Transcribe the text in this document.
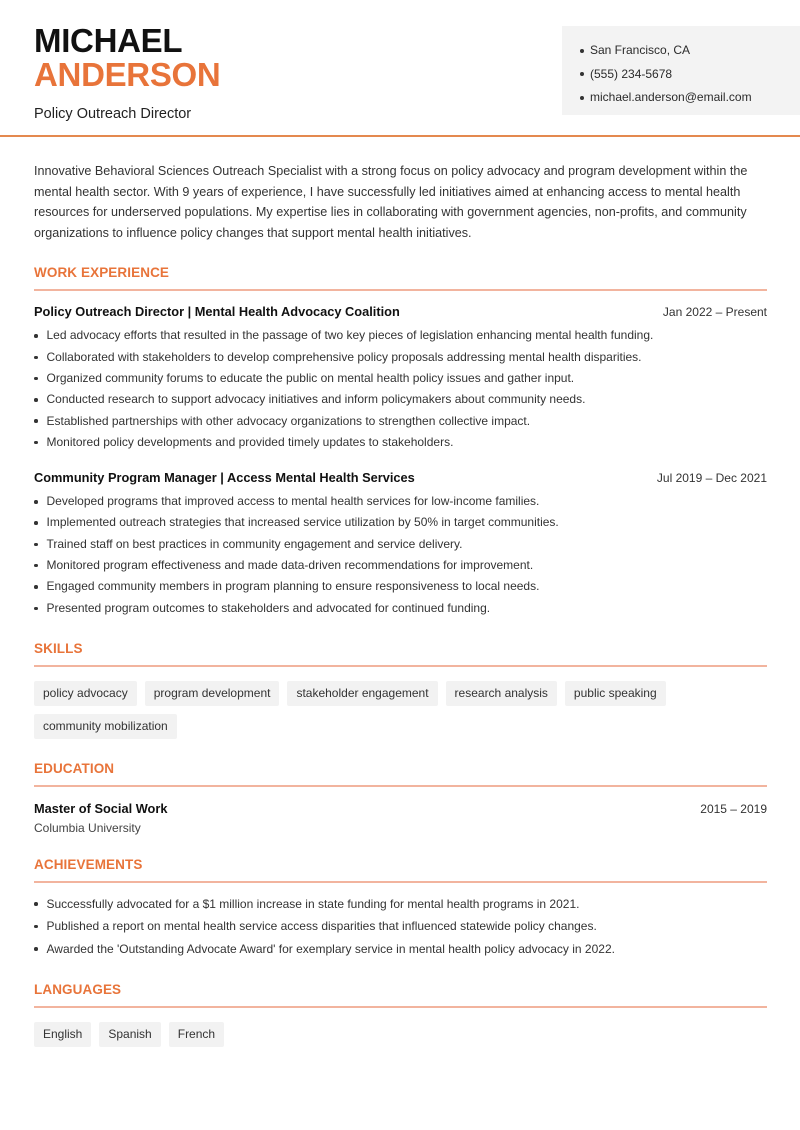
MICHAEL
ANDERSON
Policy Outreach Director
San Francisco, CA
(555) 234-5678
michael.anderson@email.com

Innovative Behavioral Sciences Outreach Specialist with a strong focus on policy advocacy and program development within the mental health sector. With 9 years of experience, I have successfully led initiatives aimed at enhancing access to mental health resources for underserved populations. My expertise lies in collaborating with government agencies, non-profits, and community organizations to influence policy changes that support mental health initiatives.

WORK EXPERIENCE
Policy Outreach Director | Mental Health Advocacy Coalition	Jan 2022 – Present
Led advocacy efforts that resulted in the passage of two key pieces of legislation enhancing mental health funding.
Collaborated with stakeholders to develop comprehensive policy proposals addressing mental health disparities.
Organized community forums to educate the public on mental health policy issues and gather input.
Conducted research to support advocacy initiatives and inform policymakers about community needs.
Established partnerships with other advocacy organizations to strengthen collective impact.
Monitored policy developments and provided timely updates to stakeholders.
Community Program Manager | Access Mental Health Services	Jul 2019 – Dec 2021
Developed programs that improved access to mental health services for low-income families.
Implemented outreach strategies that increased service utilization by 50% in target communities.
Trained staff on best practices in community engagement and service delivery.
Monitored program effectiveness and made data-driven recommendations for improvement.
Engaged community members in program planning to ensure responsiveness to local needs.
Presented program outcomes to stakeholders and advocated for continued funding.
SKILLS
policy advocacy	program development	stakeholder engagement	research analysis	public speaking
community mobilization
EDUCATION
Master of Social Work	2015 – 2019
Columbia University
ACHIEVEMENTS
Successfully advocated for a $1 million increase in state funding for mental health programs in 2021.
Published a report on mental health service access disparities that influenced statewide policy changes.
Awarded the 'Outstanding Advocate Award' for exemplary service in mental health policy advocacy in 2022.
LANGUAGES
English	Spanish	French
